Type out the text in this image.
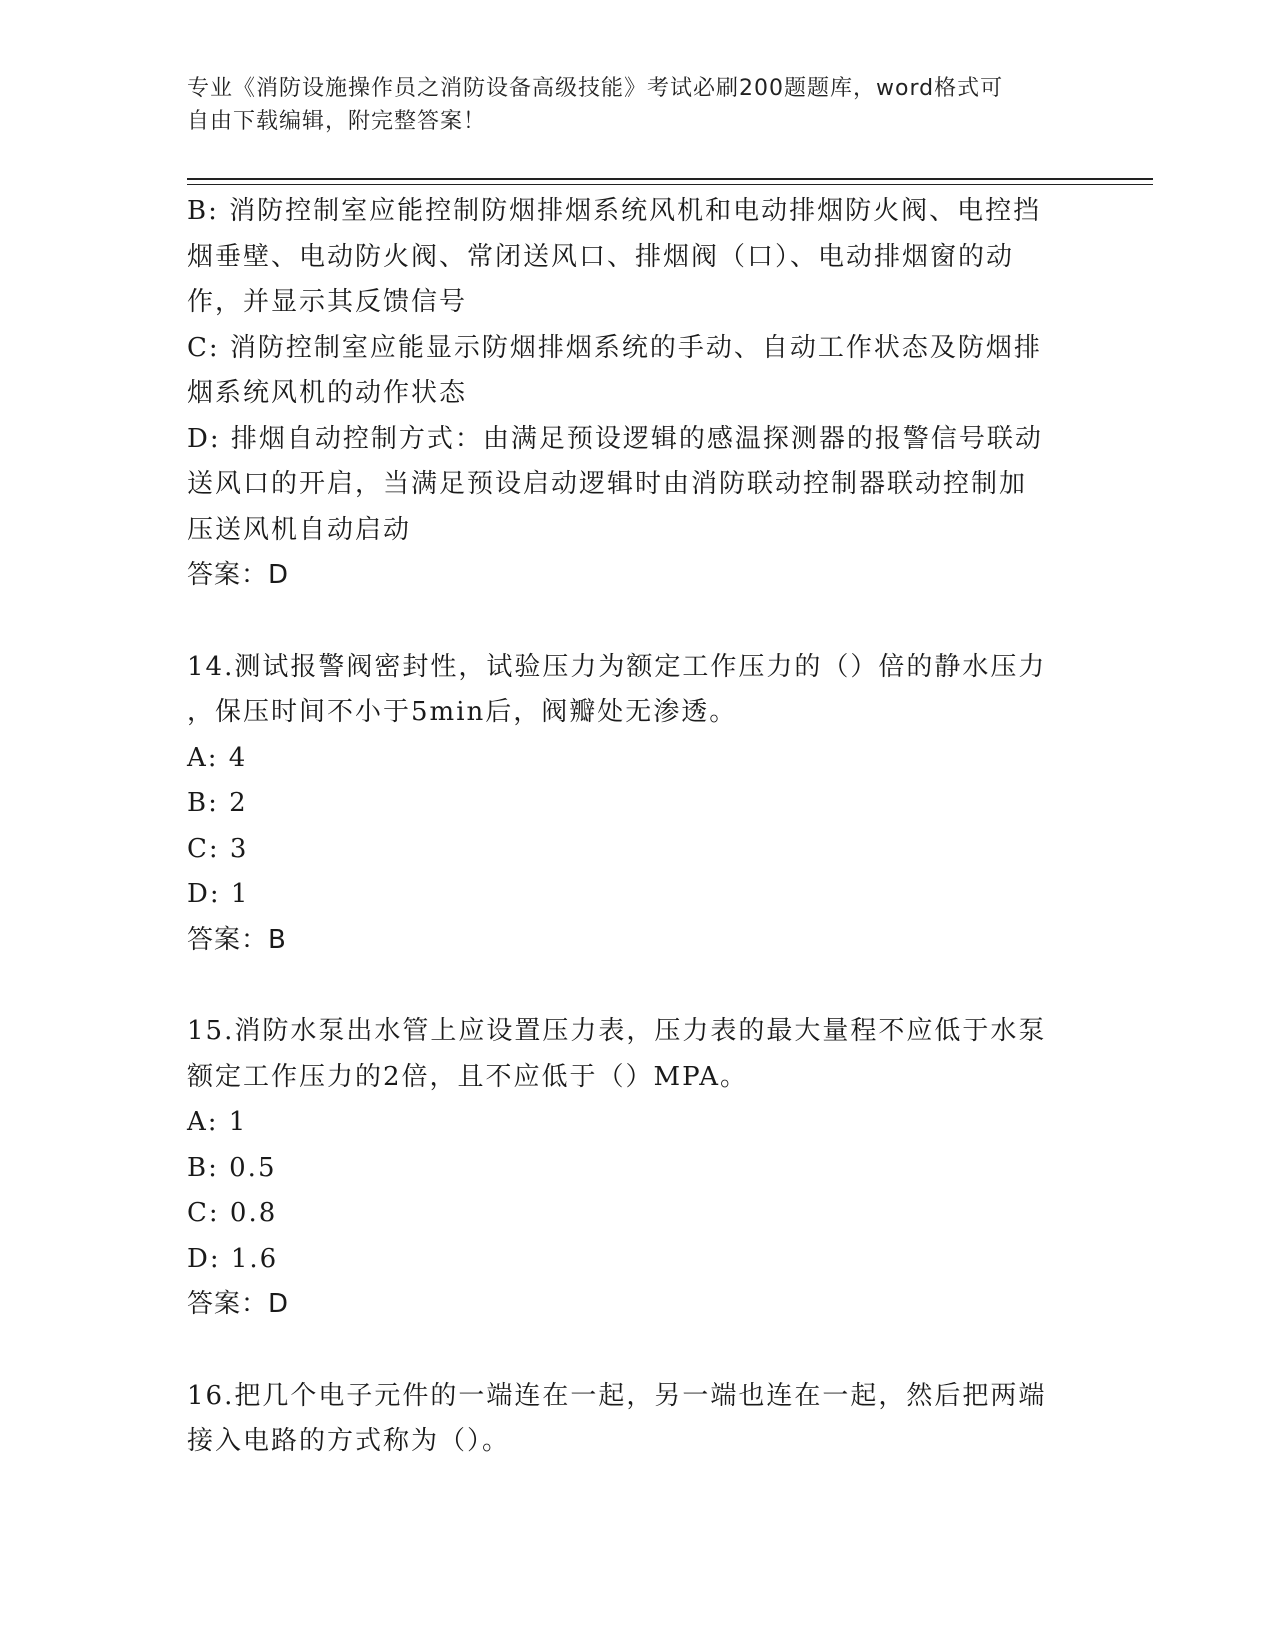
专业《消防设施操作员之消防设备高级技能》考试必刷200题题库，word格式可
自由下载编辑，附完整答案！
B: 消防控制室应能控制防烟排烟系统风机和电动排烟防火阀、电控挡
烟垂壁、电动防火阀、常闭送风口、排烟阀（口）、电动排烟窗的动
作，并显示其反馈信号
C: 消防控制室应能显示防烟排烟系统的手动、自动工作状态及防烟排
烟系统风机的动作状态
D: 排烟自动控制方式：由满足预设逻辑的感温探测器的报警信号联动
送风口的开启，当满足预设启动逻辑时由消防联动控制器联动控制加
压送风机自动启动
答案：D
14.测试报警阀密封性，试验压力为额定工作压力的（）倍的静水压力
，保压时间不小于5min后，阀瓣处无渗透。
A: 4
B: 2
C: 3
D: 1
答案：B
15.消防水泵出水管上应设置压力表，压力表的最大量程不应低于水泵
额定工作压力的2倍，且不应低于（）MPA。
A: 1
B: 0.5
C: 0.8
D: 1.6
答案：D
16.把几个电子元件的一端连在一起，另一端也连在一起，然后把两端
接入电路的方式称为（）。
